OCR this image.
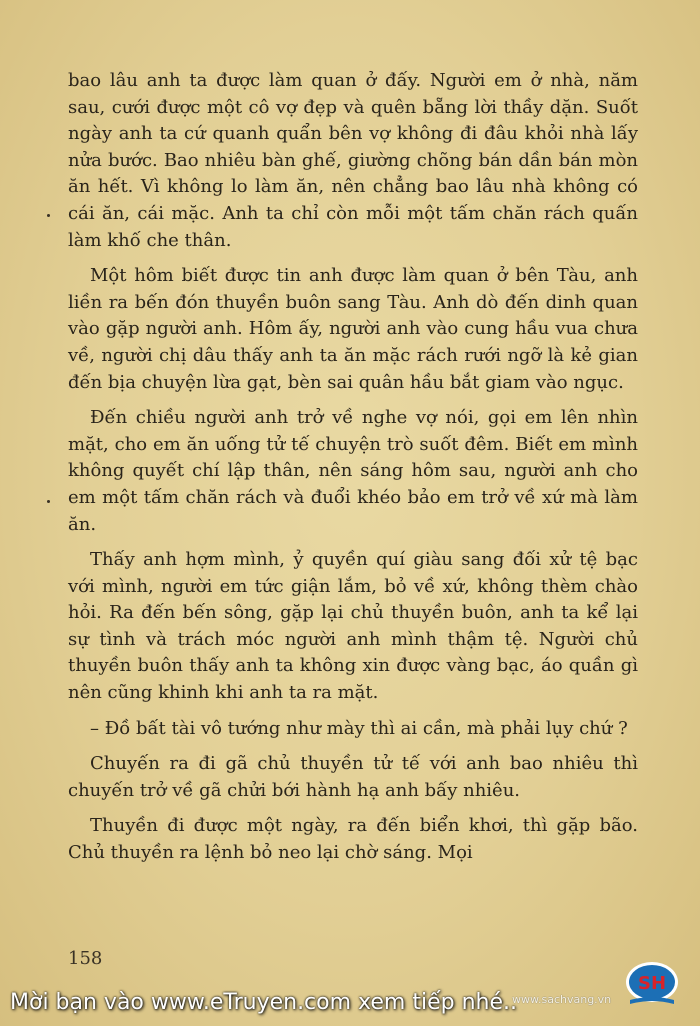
bao lâu anh ta được làm quan ở đấy. Người em ở nhà, năm sau, cưới được một cô vợ đẹp và quên bẵng lời thầy dặn. Suốt ngày anh ta cứ quanh quẩn bên vợ không đi đâu khỏi nhà lấy nửa bước. Bao nhiêu bàn ghế, giường chõng bán dần bán mòn ăn hết. Vì không lo làm ăn, nên chẳng bao lâu nhà không có cái ăn, cái mặc. Anh ta chỉ còn mỗi một tấm chăn rách quấn làm khố che thân.

Một hôm biết được tin anh được làm quan ở bên Tàu, anh liền ra bến đón thuyền buôn sang Tàu. Anh dò đến dinh quan vào gặp người anh. Hôm ấy, người anh vào cung hầu vua chưa về, người chị dâu thấy anh ta ăn mặc rách rưới ngỡ là kẻ gian đến bịa chuyện lừa gạt, bèn sai quân hầu bắt giam vào ngục.

Đến chiều người anh trở về nghe vợ nói, gọi em lên nhìn mặt, cho em ăn uống tử tế chuyện trò suốt đêm. Biết em mình không quyết chí lập thân, nên sáng hôm sau, người anh cho em một tấm chăn rách và đuổi khéo bảo em trở về xứ mà làm ăn.

Thấy anh hợm mình, ỷ quyền quí giàu sang đối xử tệ bạc với mình, người em tức giận lắm, bỏ về xứ, không thèm chào hỏi. Ra đến bến sông, gặp lại chủ thuyền buôn, anh ta kể lại sự tình và trách móc người anh mình thậm tệ. Người chủ thuyền buôn thấy anh ta không xin được vàng bạc, áo quần gì nên cũng khinh khi anh ta ra mặt.

– Đồ bất tài vô tướng như mày thì ai cần, mà phải lụy chứ ?

Chuyến ra đi gã chủ thuyền tử tế với anh bao nhiêu thì chuyến trở về gã chửi bới hành hạ anh bấy nhiêu.

Thuyền đi được một ngày, ra đến biển khơi, thì gặp bão. Chủ thuyền ra lệnh bỏ neo lại chờ sáng. Mọi

158
www.sachvang.vn
SH
Mời bạn vào www.eTruyen.com xem tiếp nhé..
